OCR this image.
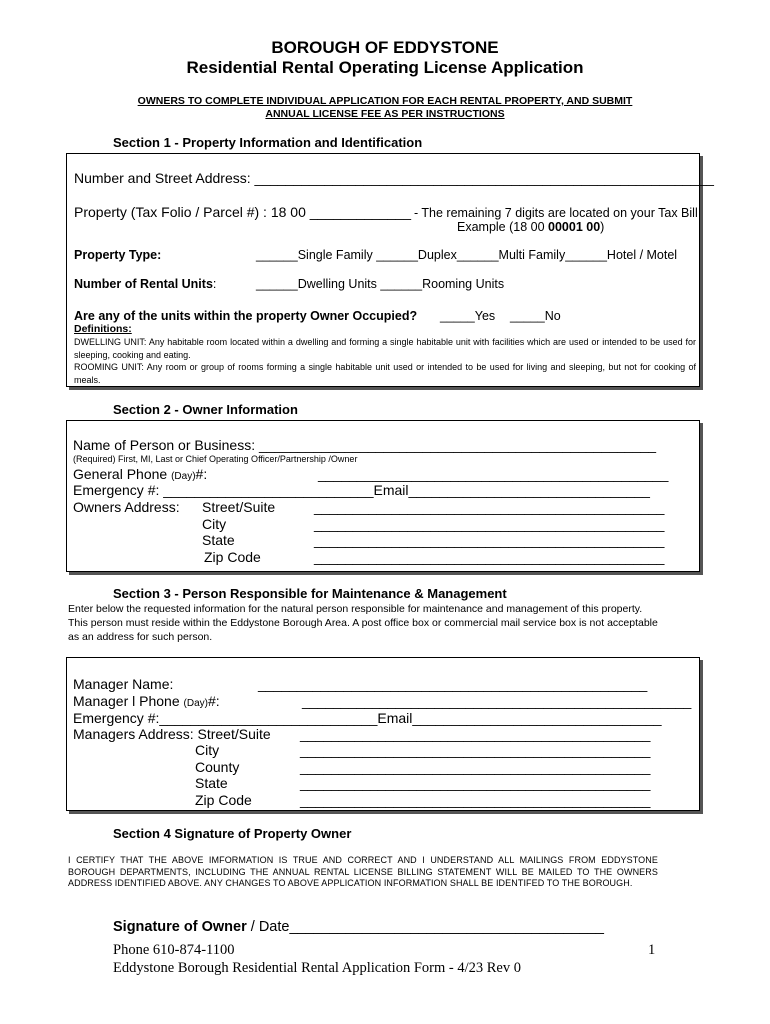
BOROUGH OF EDDYSTONE
Residential Rental Operating License Application
OWNERS TO COMPLETE INDIVIDUAL APPLICATION FOR EACH RENTAL PROPERTY, AND SUBMIT
ANNUAL LICENSE FEE AS PER INSTRUCTIONS
Section 1 - Property Information and Identification
Number and Street Address: ___________________________________________________________
Property (Tax Folio / Parcel #) : 18 00 _____________ - The remaining 7 digits are located on your Tax Bill
Example (18 00 00001 00)
Property Type:	______Single Family ______Duplex______Multi Family______Hotel / Motel
Number of Rental Units:	______Dwelling Units ______Rooming Units
Are any of the units within the property Owner Occupied? _____Yes _____No
Definitions:
DWELLING UNIT: Any habitable room located within a dwelling and forming a single habitable unit with facilities which are used or intended to be used for sleeping, cooking and eating.
ROOMING UNIT: Any room or group of rooms forming a single habitable unit used or intended to be used for living and sleeping, but not for cooking of meals.
Section 2 - Owner Information
Name of Person or Business: ___________________________________________________
(Required) First, MI, Last or Chief Operating Officer/Partnership /Owner
General Phone (Day)#:	_____________________________________________
Emergency #: ___________________________Email_______________________________
Owners Address: Street/Suite	_____________________________________________
City	_____________________________________________
State	_____________________________________________
Zip Code	_____________________________________________
Section 3 - Person Responsible for Maintenance & Management
Enter below the requested information for the natural person responsible for maintenance and management of this property. This person must reside within the Eddystone Borough Area. A post office box or commercial mail service box is not acceptable as an address for such person.
Manager Name:	__________________________________________________
Manager l Phone (Day)#:	__________________________________________________
Emergency #:____________________________Email________________________________
Managers Address: Street/Suite _____________________________________________
City	_____________________________________________
County	_____________________________________________
State	_____________________________________________
Zip Code	_____________________________________________
Section 4 Signature of Property Owner
I CERTIFY THAT THE ABOVE IMFORMATION IS TRUE AND CORRECT AND I UNDERSTAND ALL MAILINGS FROM EDDYSTONE BOROUGH DEPARTMENTS, INCLUDING THE ANNUAL RENTAL LICENSE BILLING STATEMENT WILL BE MAILED TO THE OWNERS ADDRESS IDENTIFIED ABOVE. ANY CHANGES TO ABOVE APPLICATION INFORMATION SHALL BE IDENTIFED TO THE BOROUGH.
Signature of Owner / Date_______________________________________
Phone 610-874-1100	1
Eddystone Borough Residential Rental Application Form - 4/23 Rev 0
